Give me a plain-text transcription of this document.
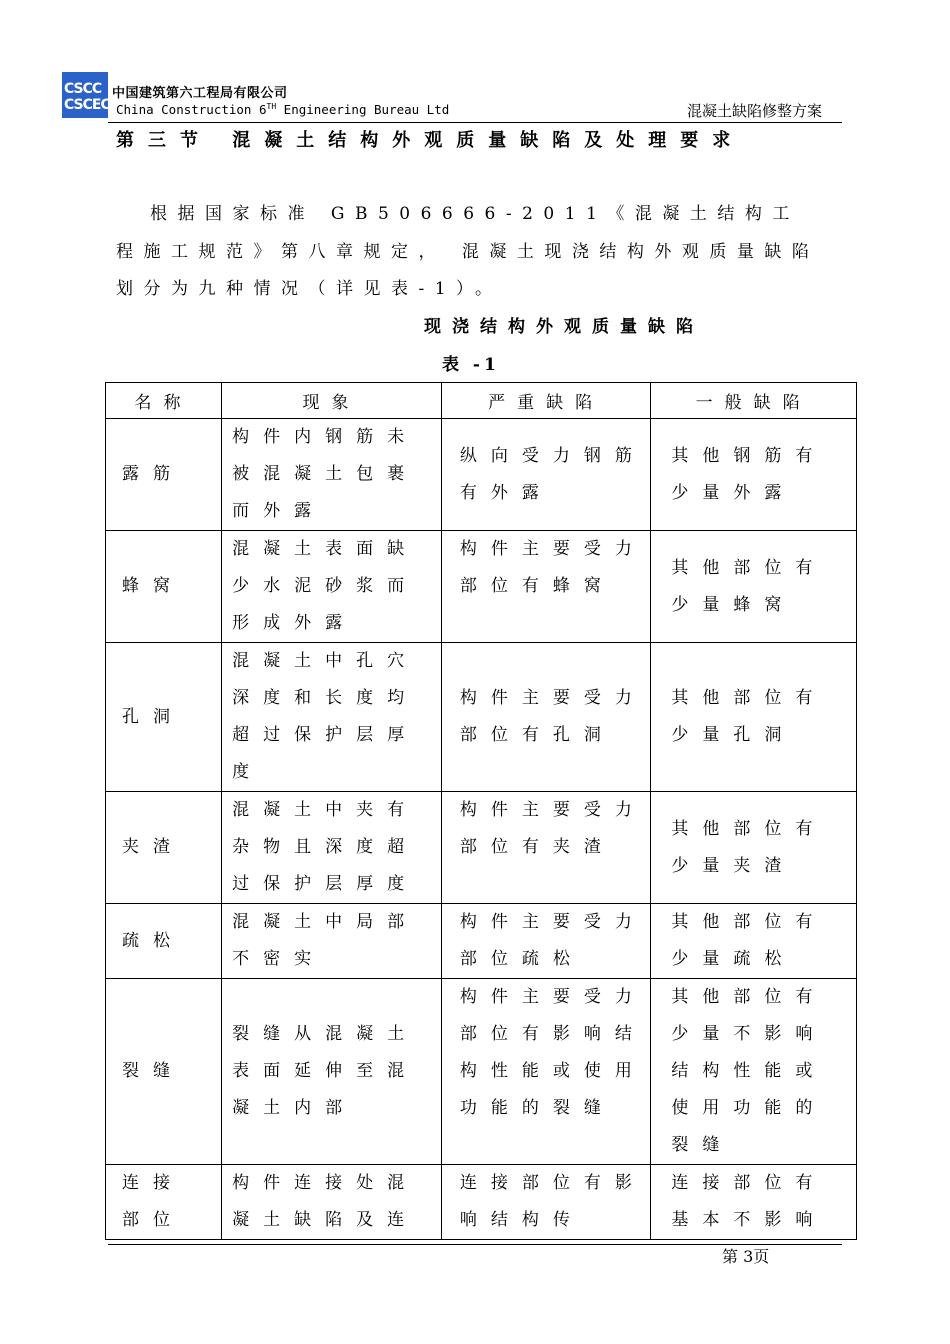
CSCC
CSCEC
中国建筑第六工程局有限公司
China Construction 6TH Engineering Bureau Ltd	混凝土缺陷修整方案
第三节 混凝土结构外观质量缺陷及处理要求
根据国家标准 GB506666-2011《混凝土结构工程施工规范》第八章规定， 混凝土现浇结构外观质量缺陷划分为九种情况（详见表-1）。
现浇结构外观质量缺陷
表 -1
名称	现象	严重缺陷	一般缺陷
露筋	构件内钢筋未被混凝土包裹而外露	纵向受力钢筋有外露	其他钢筋有少量外露

蜂窝	混凝土表面缺少水泥砂浆而形成外露	构件主要受力部位有蜂窝	其他部位有少量蜂窝

孔洞	混凝土中孔穴深度和长度均超过保护层厚度	构件主要受力部位有孔洞	其他部位有少量孔洞

夹渣	混凝土中夹有杂物且深度超过保护层厚度	构件主要受力部位有夹渣	其他部位有少量夹渣

疏松	混凝土中局部不密实	构件主要受力部位疏松	其他部位有少量疏松

裂缝	裂缝从混凝土表面延伸至混凝土内部	构件主要受力部位有影响结构性能或使用功能的裂缝	其他部位有少量不影响结构性能或使用功能的裂缝

连接部位	构件连接处混凝土缺陷及连	连接部位有影响结构传	连接部位有基本不影响
第 3页
